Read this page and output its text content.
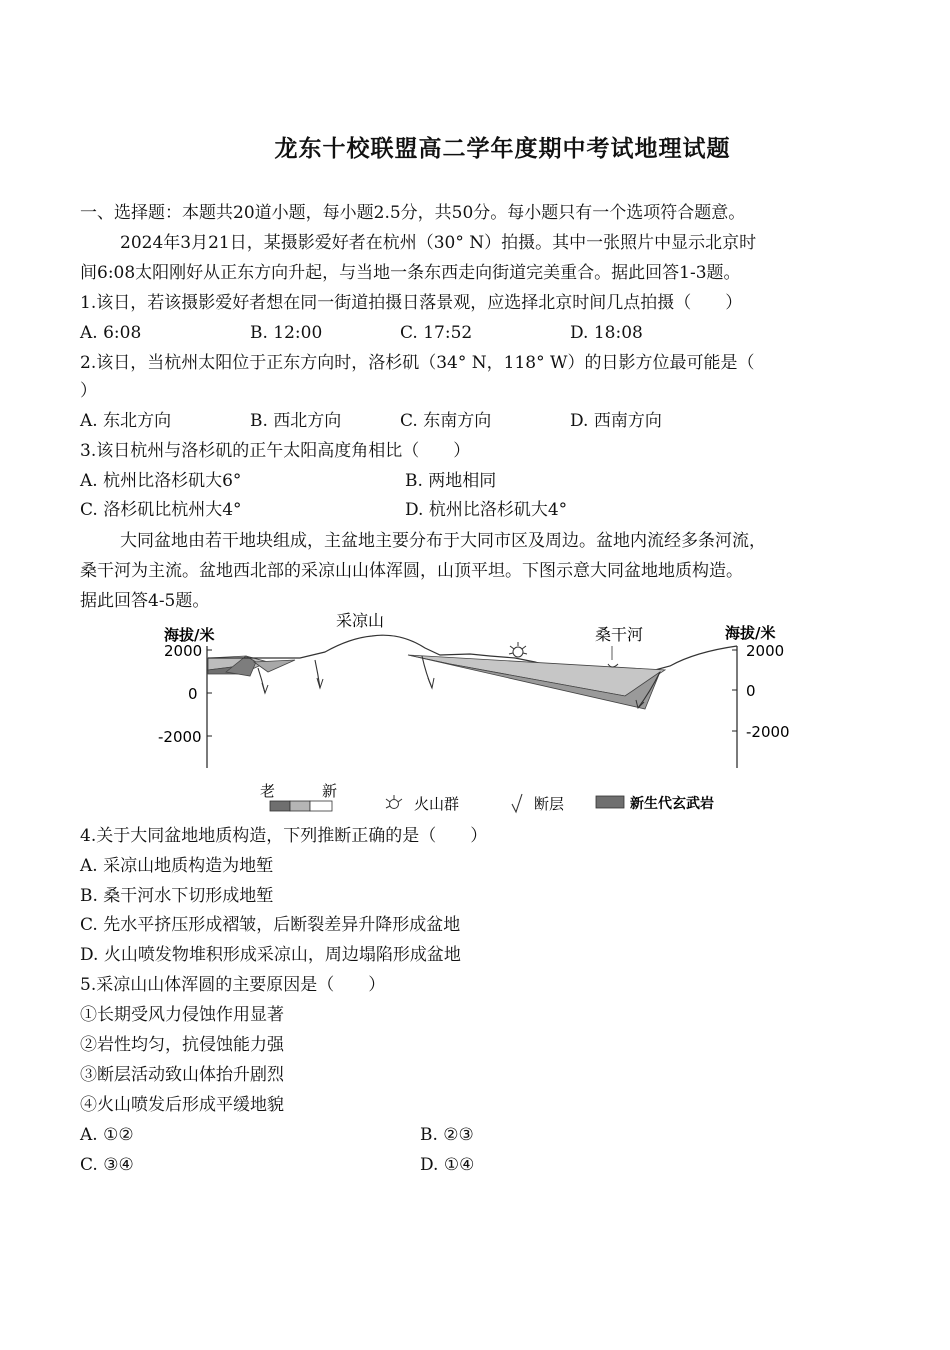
龙东十校联盟高二学年度期中考试地理试题
一、选择题：本题共20道小题，每小题2.5分，共50分。每小题只有一个选项符合题意。
2024年3月21日，某摄影爱好者在杭州（30° N）拍摄。其中一张照片中显示北京时
间6:08太阳刚好从正东方向升起，与当地一条东西走向街道完美重合。据此回答1-3题。
1.该日，若该摄影爱好者想在同一街道拍摄日落景观，应选择北京时间几点拍摄（　　）
A. 6:08	B. 12:00	C. 17:52	D. 18:08
2.该日，当杭州太阳位于正东方向时，洛杉矶（34° N，118° W）的日影方位最可能是（
）
A. 东北方向	B. 西北方向	C. 东南方向	D. 西南方向
3.该日杭州与洛杉矶的正午太阳高度角相比（　　）
A. 杭州比洛杉矶大6°	B. 两地相同
C. 洛杉矶比杭州大4°	D. 杭州比洛杉矶大4°
大同盆地由若干地块组成，主盆地主要分布于大同市区及周边。盆地内流经多条河流，
桑干河为主流。盆地西北部的采凉山山体浑圆，山顶平坦。下图示意大同盆地地质构造。
据此回答4-5题。
海拔/米	海拔/米
2000
0
-2000
2000
0
-2000
采凉山
桑干河
老	新
火山群	断层	新生代玄武岩
4.关于大同盆地地质构造，下列推断正确的是（　　）
A. 采凉山地质构造为地堑
B. 桑干河水下切形成地堑
C. 先水平挤压形成褶皱，后断裂差异升降形成盆地
D. 火山喷发物堆积形成采凉山，周边塌陷形成盆地
5.采凉山山体浑圆的主要原因是（　　）
①长期受风力侵蚀作用显著
②岩性均匀，抗侵蚀能力强
③断层活动致山体抬升剧烈
④火山喷发后形成平缓地貌
A. ①②	B. ②③
C. ③④	D. ①④
